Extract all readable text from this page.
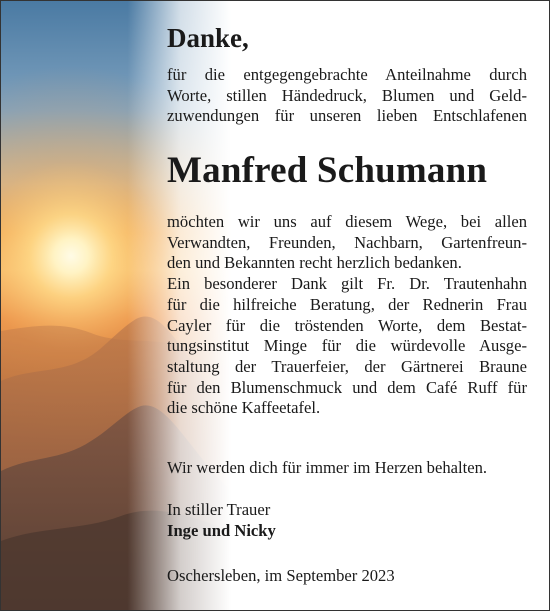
Danke,
für die entgegengebrachte Anteilnahme durch
Worte, stillen Händedruck, Blumen und Geld-
zuwendungen für unseren lieben Entschlafenen
Manfred Schumann
möchten wir uns auf diesem Wege, bei allen
Verwandten, Freunden, Nachbarn, Gartenfreun-
den und Bekannten recht herzlich bedanken.
Ein besonderer Dank gilt Fr. Dr. Trautenhahn
für die hilfreiche Beratung, der Rednerin Frau
Cayler für die tröstenden Worte, dem Bestat-
tungsinstitut Minge für die würdevolle Ausge-
staltung der Trauerfeier, der Gärtnerei Braune
für den Blumenschmuck und dem Café Ruff für
die schöne Kaffeetafel.
Wir werden dich für immer im Herzen behalten.
In stiller Trauer
Inge und Nicky
Oschersleben, im September 2023
